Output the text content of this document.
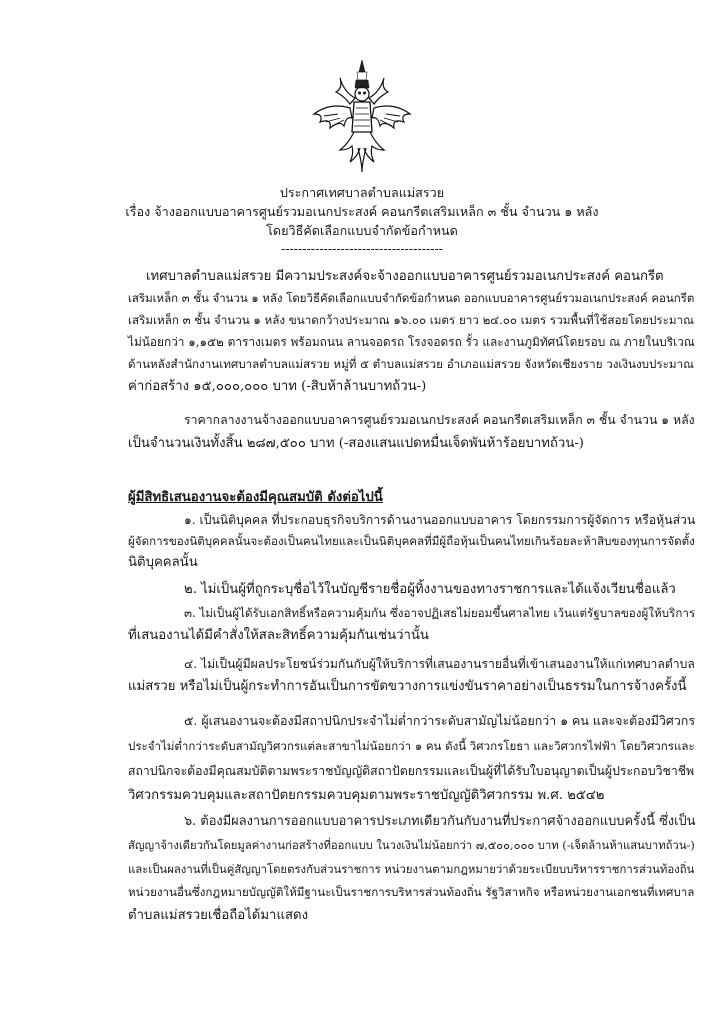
ประกาศเทศบาลตำบลแม่สรวย
เรื่อง จ้างออกแบบอาคารศูนย์รวมอเนกประสงค์ คอนกรีตเสริมเหล็ก ๓ ชั้น จำนวน ๑ หลัง
โดยวิธีคัดเลือกแบบจำกัดข้อกำหนด
--------------------------------------
เทศบาลตำบลแม่สรวย มีความประสงค์จะจ้างออกแบบอาคารศูนย์รวมอเนกประสงค์ คอนกรีต
เสริมเหล็ก ๓ ชั้น จำนวน ๑ หลัง โดยวิธีคัดเลือกแบบจำกัดข้อกำหนด ออกแบบอาคารศูนย์รวมอเนกประสงค์ คอนกรีต
เสริมเหล็ก ๓ ชั้น จำนวน ๑ หลัง ขนาดกว้างประมาณ ๑๖.๐๐ เมตร ยาว ๒๔.๐๐ เมตร รวมพื้นที่ใช้สอยโดยประมาณ
ไม่น้อยกว่า ๑,๑๕๒ ตารางเมตร พร้อมถนน ลานจอดรถ โรงจอดรถ รั้ว และงานภูมิทัศน์โดยรอบ ณ ภายในบริเวณ
ด้านหลังสำนักงานเทศบาลตำบลแม่สรวย หมู่ที่ ๕ ตำบลแม่สรวย อำเภอแม่สรวย จังหวัดเชียงราย วงเงินงบประมาณ
ค่าก่อสร้าง ๑๕,๐๐๐,๐๐๐ บาท (-สิบห้าล้านบาทถ้วน-)
ราคากลางงานจ้างออกแบบอาคารศูนย์รวมอเนกประสงค์ คอนกรีตเสริมเหล็ก ๓ ชั้น จำนวน ๑ หลัง
เป็นจำนวนเงินทั้งสิ้น ๒๘๗,๕๐๐ บาท (-สองแสนแปดหมื่นเจ็ดพันห้าร้อยบาทถ้วน-)
ผู้มีสิทธิเสนองานจะต้องมีคุณสมบัติ ดังต่อไปนี้
๑. เป็นนิติบุคคล ที่ประกอบธุรกิจบริการด้านงานออกแบบอาคาร โดยกรรมการผู้จัดการ หรือหุ้นส่วน
ผู้จัดการของนิติบุคคลนั้นจะต้องเป็นคนไทยและเป็นนิติบุคคลที่มีผู้ถือหุ้นเป็นคนไทยเกินร้อยละห้าสิบของทุนการจัดตั้ง
นิติบุคคลนั้น
๒. ไม่เป็นผู้ที่ถูกระบุชื่อไว้ในบัญชีรายชื่อผู้ทิ้งงานของทางราชการและได้แจ้งเวียนชื่อแล้ว
๓. ไม่เป็นผู้ได้รับเอกสิทธิ์หรือความคุ้มกัน ซึ่งอาจปฏิเสธไม่ยอมขึ้นศาลไทย เว้นแต่รัฐบาลของผู้ให้บริการ
ที่เสนองานได้มีคำสั่งให้สละสิทธิ์ความคุ้มกันเช่นว่านั้น
๔. ไม่เป็นผู้มีผลประโยชน์ร่วมกันกับผู้ให้บริการที่เสนองานรายอื่นที่เข้าเสนองานให้แก่เทศบาลตำบล
แม่สรวย หรือไม่เป็นผู้กระทำการอันเป็นการขัดขวางการแข่งขันราคาอย่างเป็นธรรมในการจ้างครั้งนี้
๕. ผู้เสนองานจะต้องมีสถาปนิกประจำไม่ต่ำกว่าระดับสามัญไม่น้อยกว่า ๑ คน และจะต้องมีวิศวกร
ประจำไม่ต่ำกว่าระดับสามัญวิศวกรแต่ละสาขาไม่น้อยกว่า ๑ คน ดังนี้ วิศวกรโยธา และวิศวกรไฟฟ้า โดยวิศวกรและ
สถาปนิกจะต้องมีคุณสมบัติตามพระราชบัญญัติสถาปัตยกรรมและเป็นผู้ที่ได้รับใบอนุญาตเป็นผู้ประกอบวิชาชีพ
วิศวกรรมควบคุมและสถาปัตยกรรมควบคุมตามพระราชบัญญัติวิศวกรรม พ.ศ. ๒๕๔๒
๖. ต้องมีผลงานการออกแบบอาคารประเภทเดียวกันกับงานที่ประกาศจ้างออกแบบครั้งนี้ ซึ่งเป็น
สัญญาจ้างเดียวกันโดยมูลค่างานก่อสร้างที่ออกแบบ ในวงเงินไม่น้อยกว่า ๗,๕๐๐,๐๐๐ บาท (-เจ็ดล้านห้าแสนบาทถ้วน-)
และเป็นผลงานที่เป็นคู่สัญญาโดยตรงกับส่วนราชการ หน่วยงานตามกฎหมายว่าด้วยระเบียบบริหารราชการส่วนท้องถิ่น
หน่วยงานอื่นซึ่งกฎหมายบัญญัติให้มีฐานะเป็นราชการบริหารส่วนท้องถิ่น รัฐวิสาหกิจ หรือหน่วยงานเอกชนที่เทศบาล
ตำบลแม่สรวยเชื่อถือได้มาแสดง
